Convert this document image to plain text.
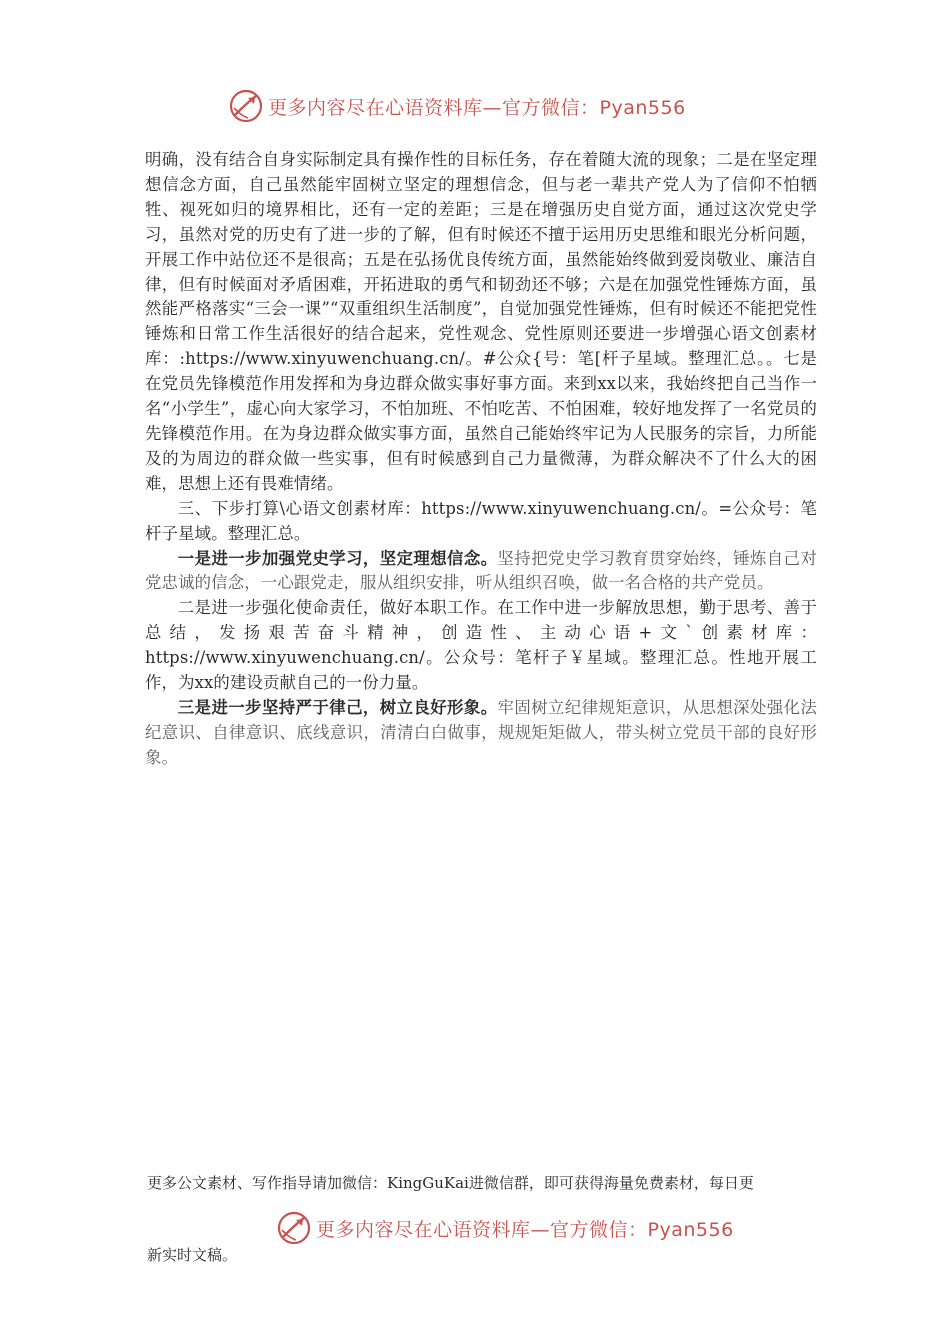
更多内容尽在心语资料库—官方微信：Pyan556

明确，没有结合自身实际制定具有操作性的目标任务，存在着随大流的现象；二是在坚定理想信念方面，自己虽然能牢固树立坚定的理想信念，但与老一辈共产党人为了信仰不怕牺牲、视死如归的境界相比，还有一定的差距；三是在增强历史自觉方面，通过这次党史学习，虽然对党的历史有了进一步的了解，但有时候还不擅于运用历史思维和眼光分析问题，开展工作中站位还不是很高；五是在弘扬优良传统方面，虽然能始终做到爱岗敬业、廉洁自律，但有时候面对矛盾困难，开拓进取的勇气和韧劲还不够；六是在加强党性锤炼方面，虽然能严格落实“三会一课”“双重组织生活制度”，自觉加强党性锤炼，但有时候还不能把党性锤炼和日常工作生活很好的结合起来，党性观念、党性原则还要进一步增强心语文创素材库：:https://www.xinyuwenchuang.cn/。#公众{号：笔[杆子星域。整理汇总。。七是在党员先锋模范作用发挥和为身边群众做实事好事方面。来到xx以来，我始终把自己当作一名“小学生”，虚心向大家学习，不怕加班、不怕吃苦、不怕困难，较好地发挥了一名党员的先锋模范作用。在为身边群众做实事方面，虽然自己能始终牢记为人民服务的宗旨，力所能及的为周边的群众做一些实事，但有时候感到自己力量微薄，为群众解决不了什么大的困难，思想上还有畏难情绪。

三、下步打算\心语文创素材库：https://www.xinyuwenchuang.cn/。=公众号：笔杆子星域。整理汇总。

一是进一步加强党史学习，坚定理想信念。坚持把党史学习教育贯穿始终，锤炼自己对党忠诚的信念，一心跟党走，服从组织安排，听从组织召唤，做一名合格的共产党员。

二是进一步强化使命责任，做好本职工作。在工作中进一步解放思想，勤于思考、善于总结，发扬艰苦奋斗精神，创造性、主动心语+文`创素材库：https://www.xinyuwenchuang.cn/。公众号：笔杆子￥星域。整理汇总。性地开展工作，为xx的建设贡献自己的一份力量。

三是进一步坚持严于律己，树立良好形象。牢固树立纪律规矩意识，从思想深处强化法纪意识、自律意识、底线意识，清清白白做事，规规矩矩做人，带头树立党员干部的良好形象。

更多公文素材、写作指导请加微信：KingGuKai进微信群，即可获得海量免费素材，每日更
更多内容尽在心语资料库—官方微信：Pyan556
新实时文稿。
